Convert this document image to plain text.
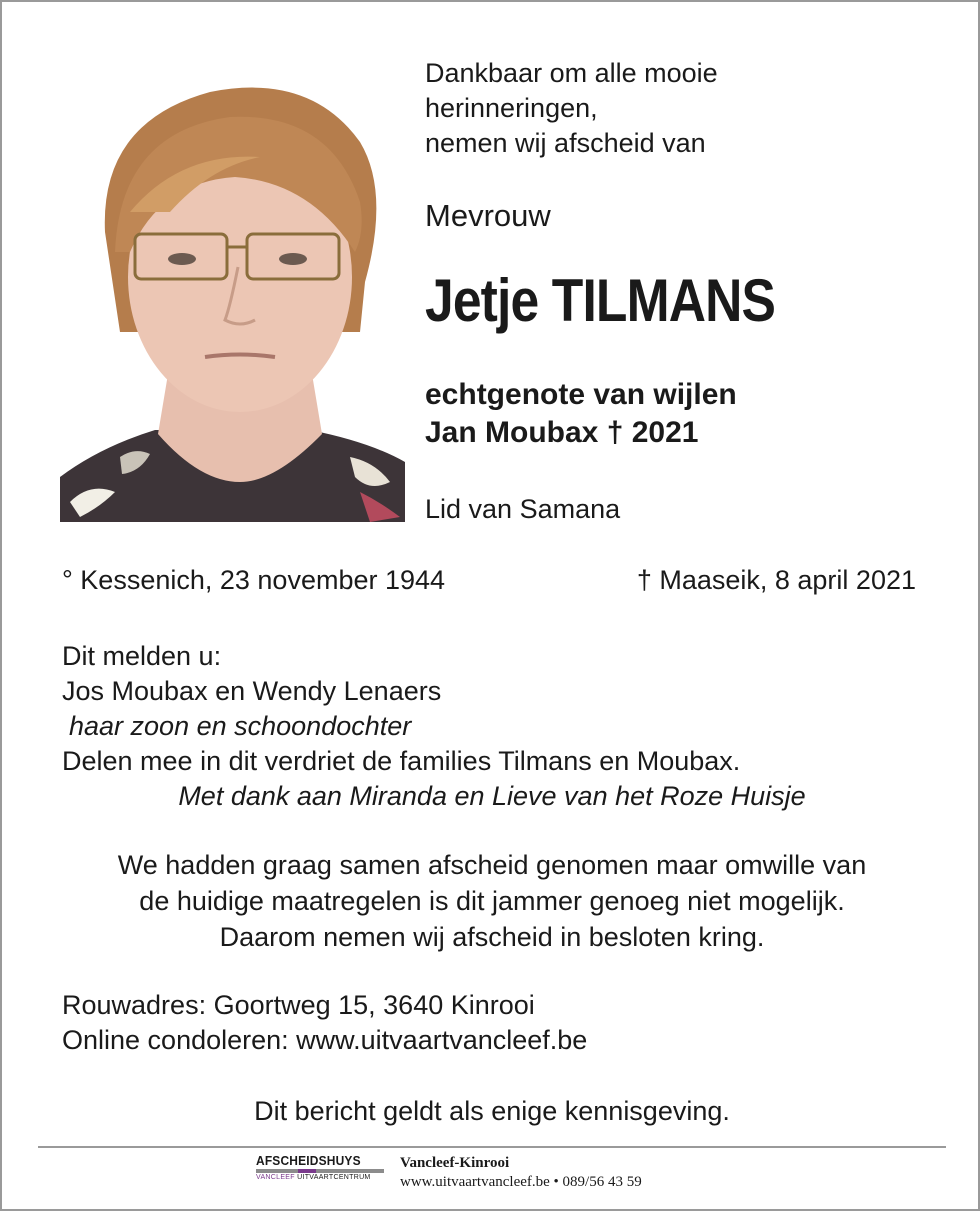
Dankbaar om alle mooie
herinneringen,
nemen wij afscheid van
Mevrouw
Jetje TILMANS
echtgenote van wijlen
Jan Moubax † 2021
Lid van Samana
° Kessenich, 23 november 1944	† Maaseik, 8 april 2021
Dit melden u:
Jos Moubax en Wendy Lenaers
haar zoon en schoondochter
Delen mee in dit verdriet de families Tilmans en Moubax.
Met dank aan Miranda en Lieve van het Roze Huisje
We hadden graag samen afscheid genomen maar omwille van
de huidige maatregelen is dit jammer genoeg niet mogelijk.
Daarom nemen wij afscheid in besloten kring.
Rouwadres: Goortweg 15, 3640 Kinrooi
Online condoleren: www.uitvaartvancleef.be
Dit bericht geldt als enige kennisgeving.
AFSCHEIDSHUYS
VANCLEEF UITVAARTCENTRUM
Vancleef-Kinrooi
www.uitvaartvancleef.be • 089/56 43 59
